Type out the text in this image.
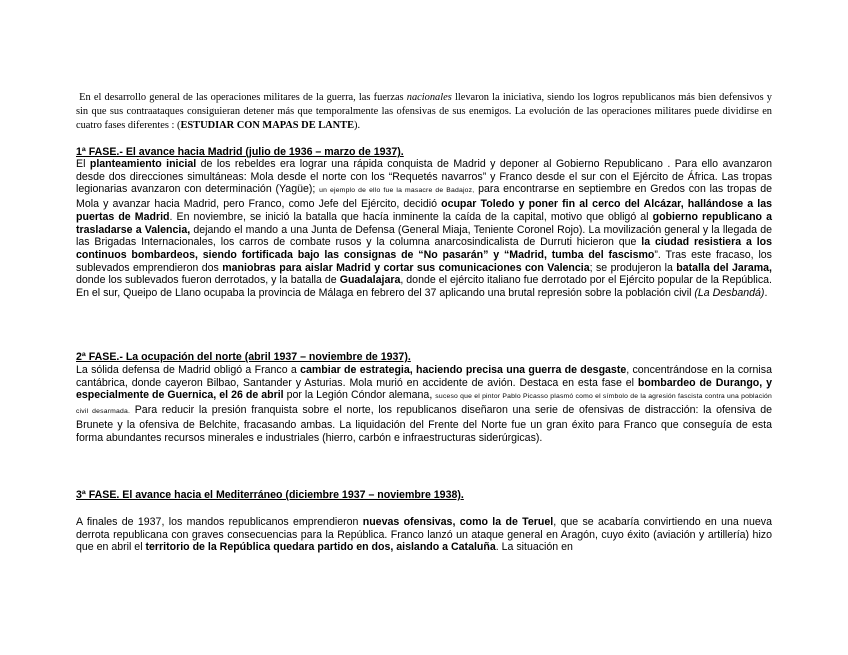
En el desarrollo general de las operaciones militares de la guerra, las fuerzas nacionales llevaron la iniciativa, siendo los logros republicanos más bien defensivos y sin que sus contraataques consiguieran detener más que temporalmente las ofensivas de sus enemigos. La evolución de las operaciones militares puede dividirse en cuatro fases diferentes : (ESTUDIAR CON MAPAS DE LANTE).

1ª FASE.- El avance hacia Madrid (julio de 1936 – marzo de 1937).

El planteamiento inicial de los rebeldes era lograr una rápida conquista de Madrid y deponer al Gobierno Republicano . Para ello avanzaron desde dos direcciones simultáneas: Mola desde el norte con los “Requetés navarros” y Franco desde el sur con el Ejército de África. Las tropas legionarias avanzaron con determinación (Yagüe); un ejemplo de ello fue la masacre de Badajoz, para encontrarse en septiembre en Gredos con las tropas de Mola y avanzar hacia Madrid, pero Franco, como Jefe del Ejército, decidió ocupar Toledo y poner fin al cerco del Alcázar, hallándose a las puertas de Madrid. En noviembre, se inició la batalla que hacía inminente la caída de la capital, motivo que obligó al gobierno republicano a trasladarse a Valencia, dejando el mando a una Junta de Defensa (General Miaja, Teniente Coronel Rojo). La movilización general y la llegada de las Brigadas Internacionales, los carros de combate rusos y la columna anarcosindicalista de Durruti hicieron que la ciudad resistiera a los continuos bombardeos, siendo fortificada bajo las consignas de “No pasarán” y “Madrid, tumba del fascismo”. Tras este fracaso, los sublevados emprendieron dos maniobras para aislar Madrid y cortar sus comunicaciones con Valencia; se produjeron la batalla del Jarama, donde los sublevados fueron derrotados, y la batalla de Guadalajara, donde el ejército italiano fue derrotado por el Ejército popular de la República. En el sur, Queipo de Llano ocupaba la provincia de Málaga en febrero del 37 aplicando una brutal represión sobre la población civil (La Desbandá).

2ª FASE.- La ocupación del norte (abril 1937 – noviembre de 1937).

La sólida defensa de Madrid obligó a Franco a cambiar de estrategia, haciendo precisa una guerra de desgaste, concentrándose en la cornisa cantábrica, donde cayeron Bilbao, Santander y Asturias. Mola murió en accidente de avión. Destaca en esta fase el bombardeo de Durango, y especialmente de Guernica, el 26 de abril por la Legión Cóndor alemana, suceso que el pintor Pablo Picasso plasmó como el símbolo de la agresión fascista contra una población civil desarmada. Para reducir la presión franquista sobre el norte, los republicanos diseñaron una serie de ofensivas de distracción: la ofensiva de Brunete y la ofensiva de Belchite, fracasando ambas. La liquidación del Frente del Norte fue un gran éxito para Franco que conseguía de esta forma abundantes recursos minerales e industriales (hierro, carbón e infraestructuras siderúrgicas).

3ª FASE. El avance hacia el Mediterráneo (diciembre 1937 – noviembre 1938).

A finales de 1937, los mandos republicanos emprendieron nuevas ofensivas, como la de Teruel, que se acabaría convirtiendo en una nueva derrota republicana con graves consecuencias para la República. Franco lanzó un ataque general en Aragón, cuyo éxito (aviación y artillería) hizo que en abril el territorio de la República quedara partido en dos, aislando a Cataluña. La situación en
